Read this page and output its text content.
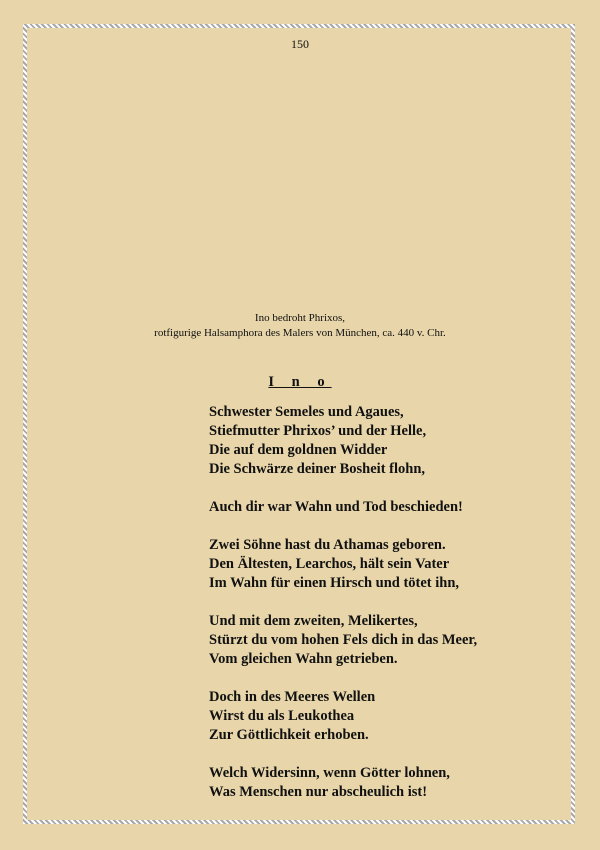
150
Ino bedroht Phrixos,
rotfigurige Halsamphora des Malers von München, ca. 440 v. Chr.
I n o
Schwester Semeles und Agaues,
Stiefmutter Phrixos’ und der Helle,
Die auf dem goldnen Widder
Die Schwärze deiner Bosheit flohn,
Auch dir war Wahn und Tod beschieden!
Zwei Söhne hast du Athamas geboren.
Den Ältesten, Learchos, hält sein Vater
Im Wahn für einen Hirsch und tötet ihn,
Und mit dem zweiten, Melikertes,
Stürzt du vom hohen Fels dich in das Meer,
Vom gleichen Wahn getrieben.
Doch in des Meeres Wellen
Wirst du als Leukothea
Zur Göttlichkeit erhoben.
Welch Widersinn, wenn Götter lohnen,
Was Menschen nur abscheulich ist!
